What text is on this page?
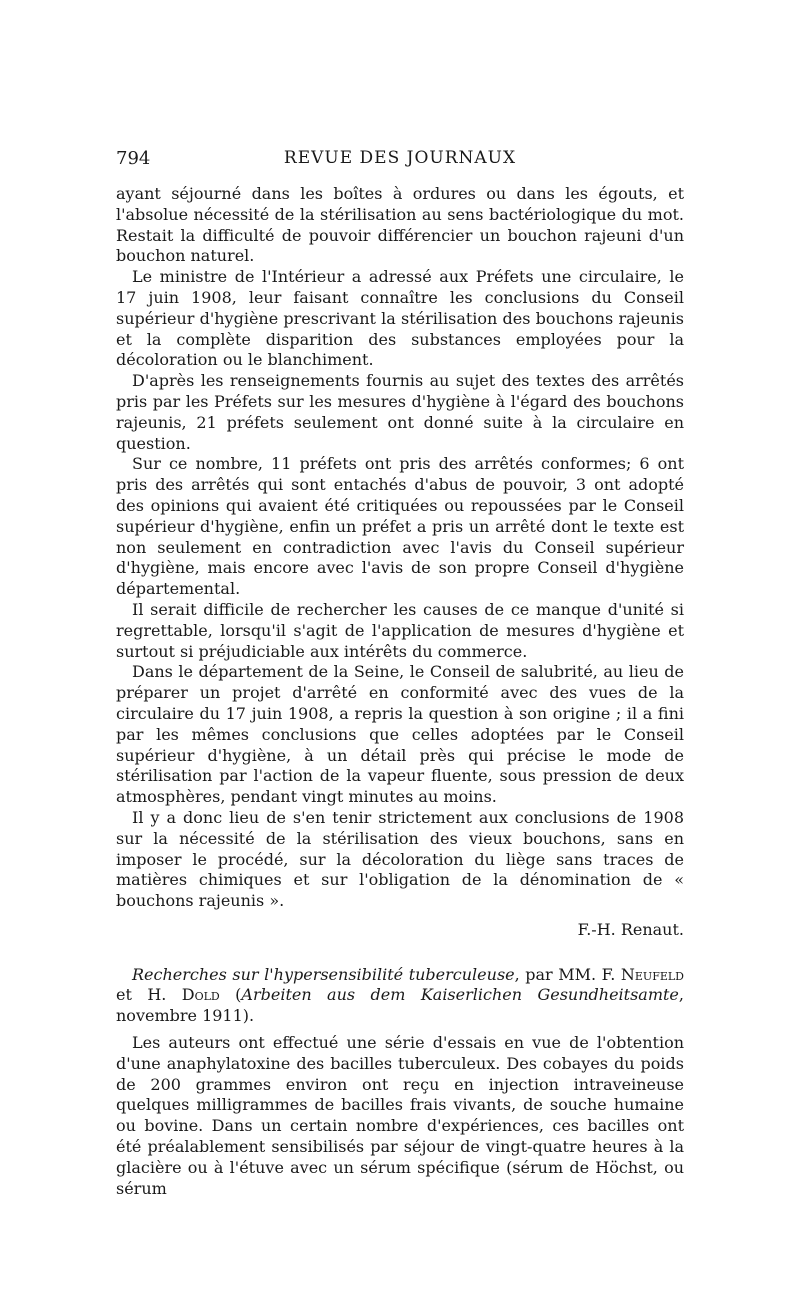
794	REVUE DES JOURNAUX

ayant séjourné dans les boîtes à ordures ou dans les égouts, et l'absolue nécessité de la stérilisation au sens bactériologique du mot. Restait la difficulté de pouvoir différencier un bouchon rajeuni d'un bouchon naturel.

Le ministre de l'Intérieur a adressé aux Préfets une circulaire, le 17 juin 1908, leur faisant connaître les conclusions du Conseil supérieur d'hygiène prescrivant la stérilisation des bouchons rajeunis et la complète disparition des substances employées pour la décoloration ou le blanchiment.

D'après les renseignements fournis au sujet des textes des arrêtés pris par les Préfets sur les mesures d'hygiène à l'égard des bouchons rajeunis, 21 préfets seulement ont donné suite à la circulaire en question.

Sur ce nombre, 11 préfets ont pris des arrêtés conformes; 6 ont pris des arrêtés qui sont entachés d'abus de pouvoir, 3 ont adopté des opinions qui avaient été critiquées ou repoussées par le Conseil supérieur d'hygiène, enfin un préfet a pris un arrêté dont le texte est non seulement en contradiction avec l'avis du Conseil supérieur d'hygiène, mais encore avec l'avis de son propre Conseil d'hygiène départemental.

Il serait difficile de rechercher les causes de ce manque d'unité si regrettable, lorsqu'il s'agit de l'application de mesures d'hygiène et surtout si préjudiciable aux intérêts du commerce.

Dans le département de la Seine, le Conseil de salubrité, au lieu de préparer un projet d'arrêté en conformité avec des vues de la circulaire du 17 juin 1908, a repris la question à son origine ; il a fini par les mêmes conclusions que celles adoptées par le Conseil supérieur d'hygiène, à un détail près qui précise le mode de stérilisation par l'action de la vapeur fluente, sous pression de deux atmosphères, pendant vingt minutes au moins.

Il y a donc lieu de s'en tenir strictement aux conclusions de 1908 sur la nécessité de la stérilisation des vieux bouchons, sans en imposer le procédé, sur la décoloration du liège sans traces de matières chimiques et sur l'obligation de la dénomination de « bouchons rajeunis ».

F.-H. Renaut.

Recherches sur l'hypersensibilité tuberculeuse, par MM. F. Neufeld et H. Dold (Arbeiten aus dem Kaiserlichen Gesundheitsamte, novembre 1911).

Les auteurs ont effectué une série d'essais en vue de l'obtention d'une anaphylatoxine des bacilles tuberculeux. Des cobayes du poids de 200 grammes environ ont reçu en injection intraveineuse quelques milligrammes de bacilles frais vivants, de souche humaine ou bovine. Dans un certain nombre d'expériences, ces bacilles ont été préalablement sensibilisés par séjour de vingt-quatre heures à la glacière ou à l'étuve avec un sérum spécifique (sérum de Höchst, ou sérum
